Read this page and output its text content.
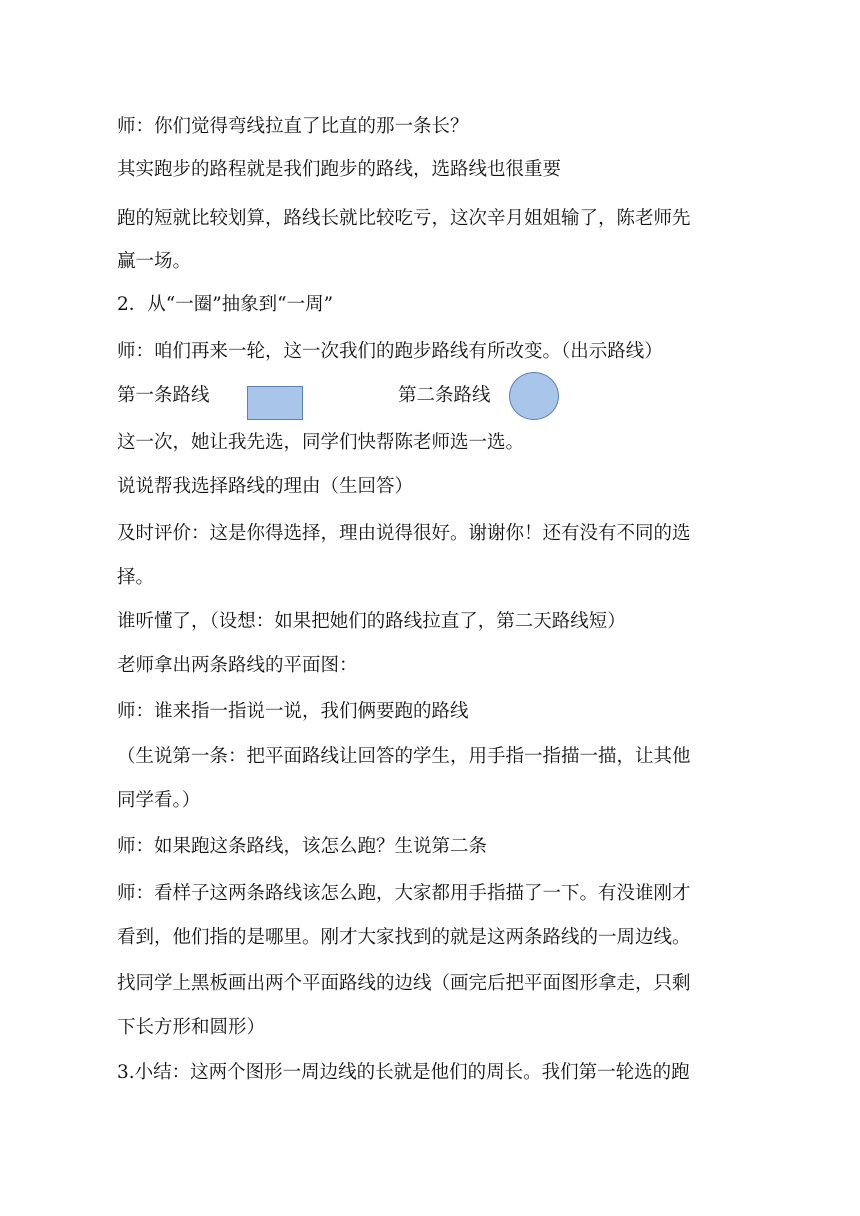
师：你们觉得弯线拉直了比直的那一条长？
其实跑步的路程就是我们跑步的路线，选路线也很重要
跑的短就比较划算，路线长就比较吃亏，这次辛月姐姐输了，陈老师先
赢一场。
2．从“一圈”抽象到“一周”
师：咱们再来一轮，这一次我们的跑步路线有所改变。（出示路线）
第一条路线	第二条路线
这一次，她让我先选，同学们快帮陈老师选一选。
说说帮我选择路线的理由（生回答）
及时评价：这是你得选择，理由说得很好。谢谢你！还有没有不同的选
择。
谁听懂了，（设想：如果把她们的路线拉直了，第二天路线短）
老师拿出两条路线的平面图：
师：谁来指一指说一说，我们俩要跑的路线
（生说第一条：把平面路线让回答的学生，用手指一指描一描，让其他
同学看。）
师：如果跑这条路线，该怎么跑？生说第二条
师：看样子这两条路线该怎么跑，大家都用手指描了一下。有没谁刚才
看到，他们指的是哪里。刚才大家找到的就是这两条路线的一周边线。
找同学上黑板画出两个平面路线的边线（画完后把平面图形拿走，只剩
下长方形和圆形）
3.小结：这两个图形一周边线的长就是他们的周长。我们第一轮选的跑
